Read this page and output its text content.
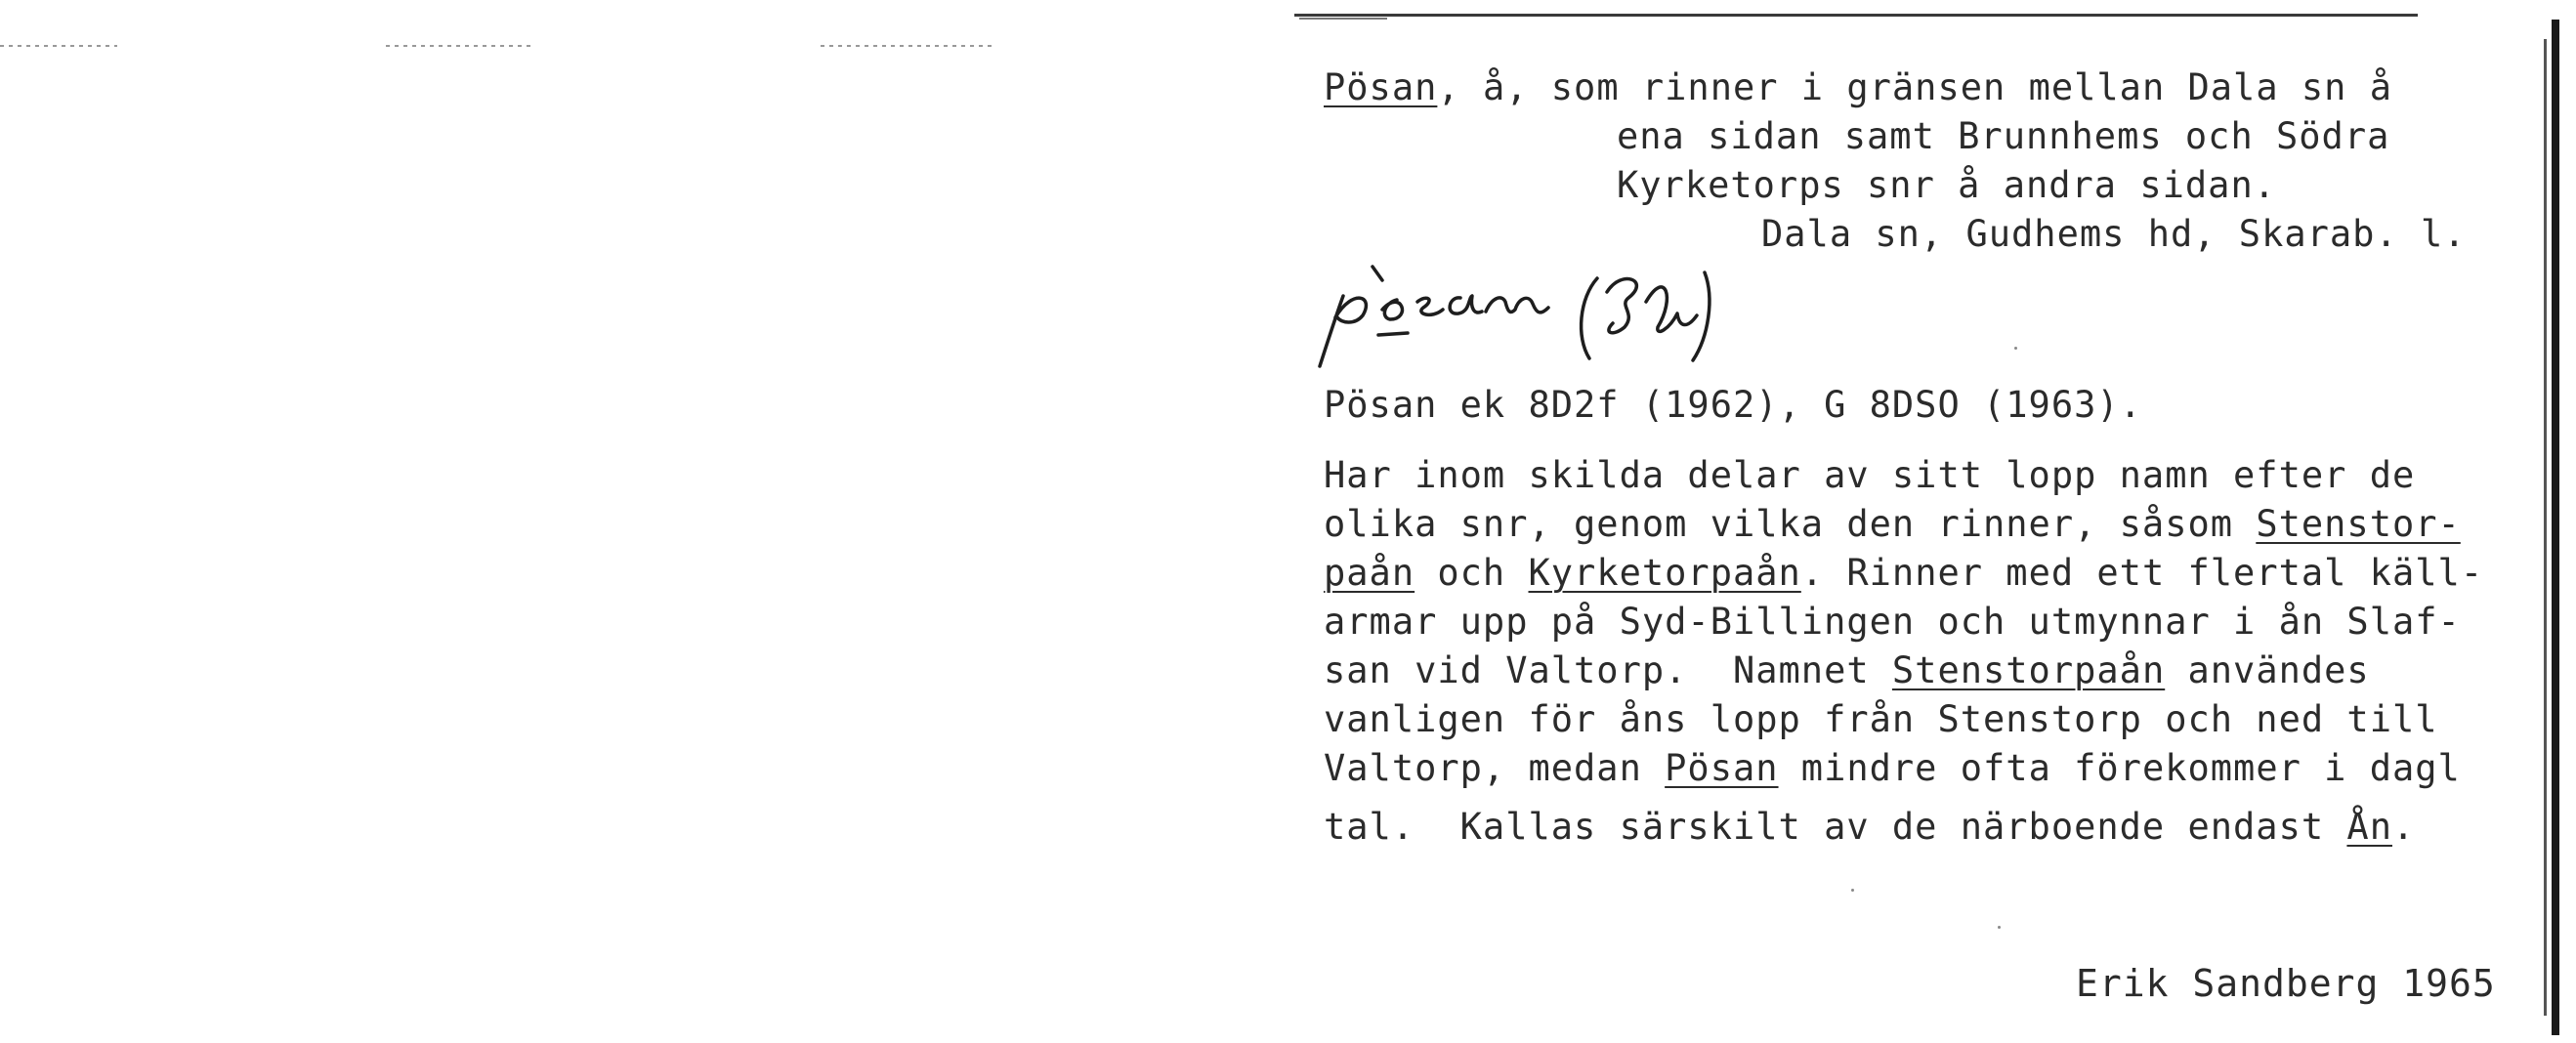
Pösan, å, som rinner i gränsen mellan Dala sn å
ena sidan samt Brunnhems och Södra
Kyrketorps snr å andra sidan.
Dala sn, Gudhems hd, Skarab. l.
Pösan ek 8D2f (1962), G 8DSO (1963).
Har inom skilda delar av sitt lopp namn efter de
olika snr, genom vilka den rinner, såsom Stenstor-
paån och Kyrketorpaån. Rinner med ett flertal käll-
armar upp på Syd-Billingen och utmynnar i ån Slaf-
san vid Valtorp.  Namnet Stenstorpaån användes
vanligen för åns lopp från Stenstorp och ned till
Valtorp, medan Pösan mindre ofta förekommer i dagl
tal.  Kallas särskilt av de närboende endast Ån.
Erik Sandberg 1965
